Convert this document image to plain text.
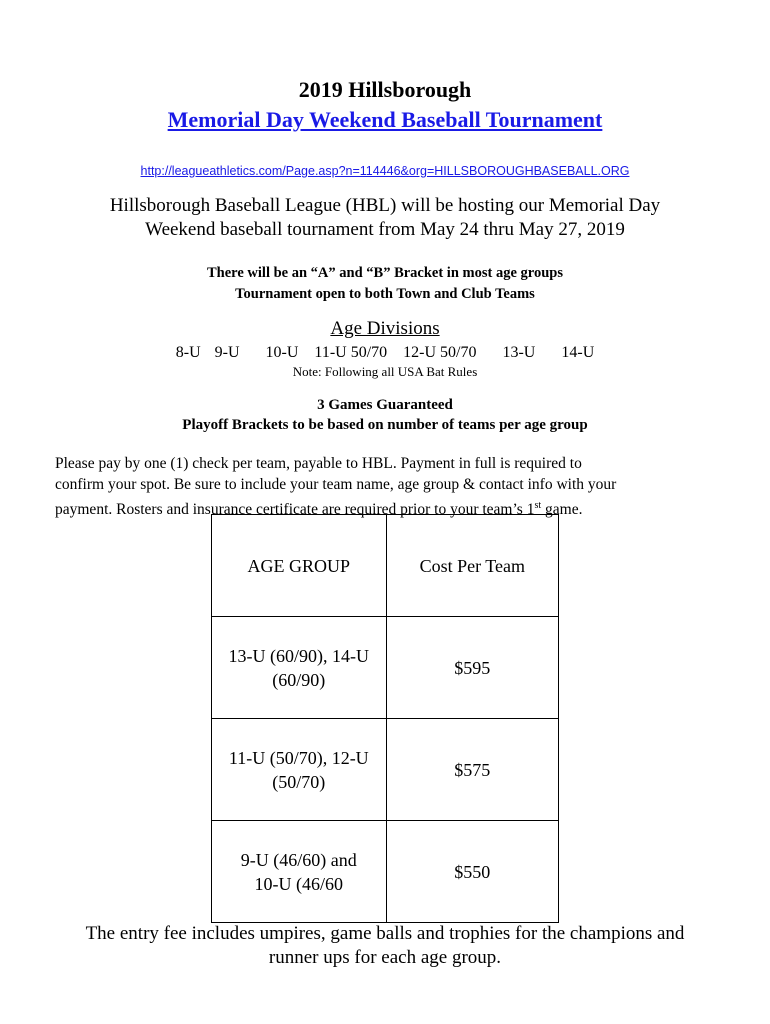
2019 Hillsborough
Memorial Day Weekend Baseball Tournament
http://leagueathletics.com/Page.asp?n=114446&org=HILLSBOROUGHBASEBALL.ORG
Hillsborough Baseball League (HBL) will be hosting our Memorial Day
Weekend baseball tournament from May 24 thru May 27, 2019
There will be an “A” and “B” Bracket in most age groups
Tournament open to both Town and Club Teams
Age Divisions
8-U 9-U 10-U 11-U 50/70 12-U 50/70 13-U 14-U
Note: Following all USA Bat Rules
3 Games Guaranteed
Playoff Brackets to be based on number of teams per age group
Please pay by one (1) check per team, payable to HBL. Payment in full is required to
confirm your spot. Be sure to include your team name, age group & contact info with your
payment. Rosters and insurance certificate are required prior to your team’s 1st game.
AGE GROUP	Cost Per Team

13-U (60/90), 14-U
(60/90)	$595

11-U (50/70), 12-U
(50/70)	$575

9-U (46/60) and
10-U (46/60	$550
The entry fee includes umpires, game balls and trophies for the champions and
runner ups for each age group.
